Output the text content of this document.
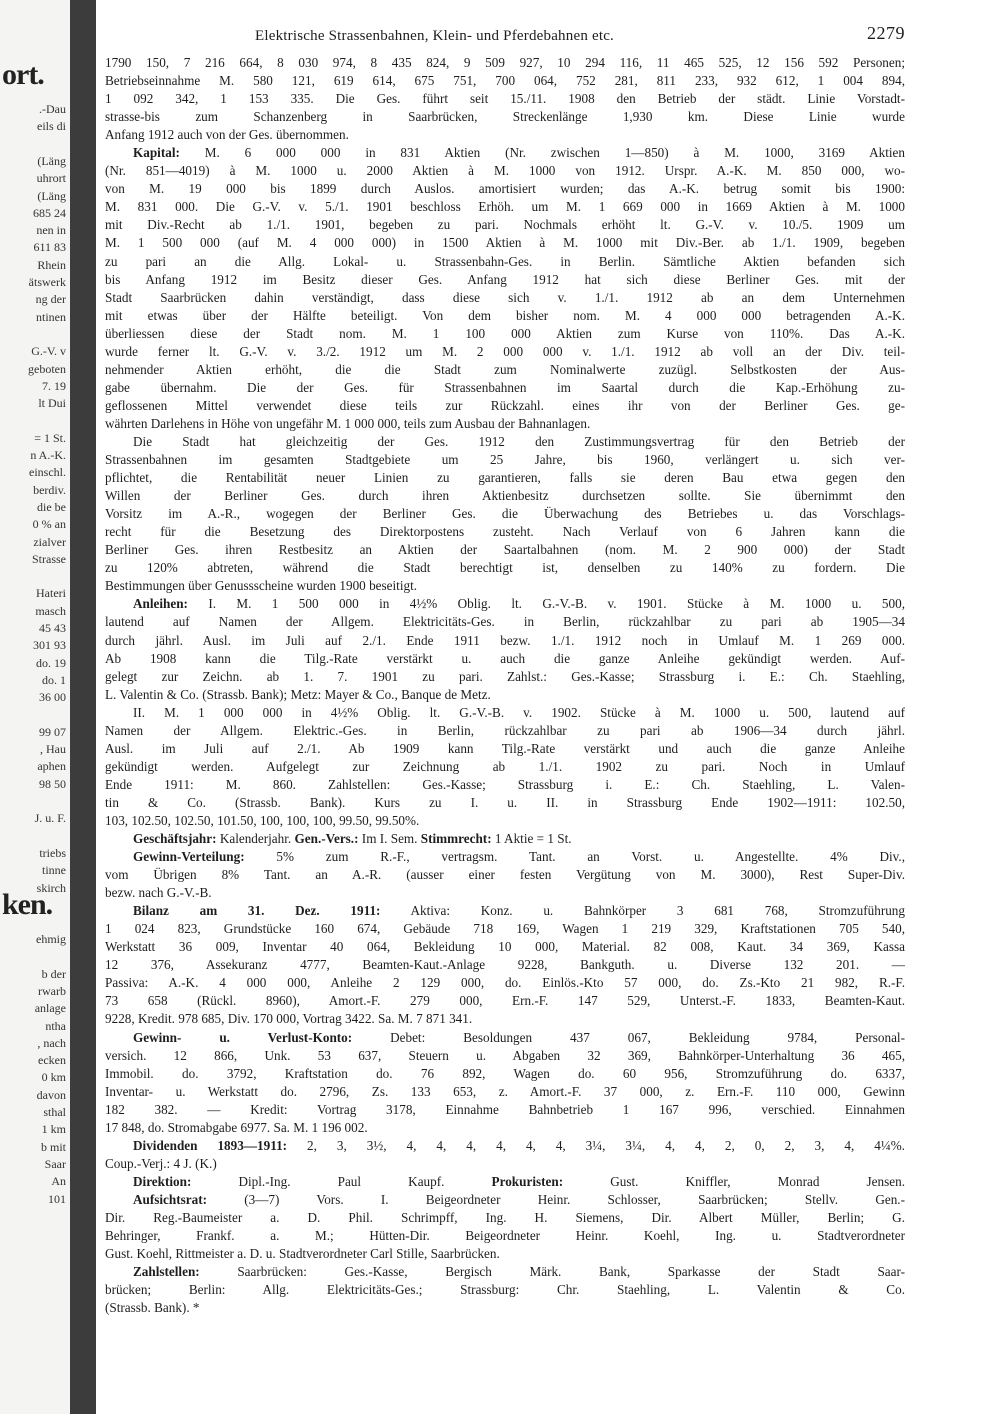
ort.
.-Dau
eils di
(Läng
uhrort
(Läng
685 24
nen in
611 83
Rhein
ätswerk
ng der
ntinen
G.-V. v
geboten
7. 19
lt Dui
= 1 St.
n A.-K.
einschl.
berdiv.
die be
0 % an
zialver
Strasse
Hateri
masch
45 43
301 93
do. 19
do. 1
36 00
99 07
, Hau
aphen
98 50
J. u. F.
triebs
tinne
skirch
ken.
ehmig
b der
rwarb
anlage
ntha
, nach
ecken
0 km
davon
sthal
1 km
b mit
Saar
An
101
Elektrische Strassenbahnen, Klein- und Pferdebahnen etc.	2279
1790 150, 7 216 664, 8 030 974, 8 435 824, 9 509 927, 10 294 116, 11 465 525, 12 156 592 Personen;
Betriebseinnahme M. 580 121, 619 614, 675 751, 700 064, 752 281, 811 233, 932 612, 1 004 894,
1 092 342, 1 153 335. Die Ges. führt seit 15./11. 1908 den Betrieb der städt. Linie Vorstadt-
strasse-bis zum Schanzenberg in Saarbrücken, Streckenlänge 1,930 km. Diese Linie wurde
Anfang 1912 auch von der Ges. übernommen.
Kapital: M. 6 000 000 in 831 Aktien (Nr. zwischen 1—850) à M. 1000, 3169 Aktien
(Nr. 851—4019) à M. 1000 u. 2000 Aktien à M. 1000 von 1912. Urspr. A.-K. M. 850 000, wo-
von M. 19 000 bis 1899 durch Auslos. amortisiert wurden; das A.-K. betrug somit bis 1900:
M. 831 000. Die G.-V. v. 5./1. 1901 beschloss Erhöh. um M. 1 669 000 in 1669 Aktien à M. 1000
mit Div.-Recht ab 1./1. 1901, begeben zu pari. Nochmals erhöht lt. G.-V. v. 10./5. 1909 um
M. 1 500 000 (auf M. 4 000 000) in 1500 Aktien à M. 1000 mit Div.-Ber. ab 1./1. 1909, begeben
zu pari an die Allg. Lokal- u. Strassenbahn-Ges. in Berlin. Sämtliche Aktien befanden sich
bis Anfang 1912 im Besitz dieser Ges. Anfang 1912 hat sich diese Berliner Ges. mit der
Stadt Saarbrücken dahin verständigt, dass diese sich v. 1./1. 1912 ab an dem Unternehmen
mit etwas über der Hälfte beteiligt. Von dem bisher nom. M. 4 000 000 betragenden A.-K.
überliessen diese der Stadt nom. M. 1 100 000 Aktien zum Kurse von 110%. Das A.-K.
wurde ferner lt. G.-V. v. 3./2. 1912 um M. 2 000 000 v. 1./1. 1912 ab voll an der Div. teil-
nehmender Aktien erhöht, die die Stadt zum Nominalwerte zuzügl. Selbstkosten der Aus-
gabe übernahm. Die der Ges. für Strassenbahnen im Saartal durch die Kap.-Erhöhung zu-
geflossenen Mittel verwendet diese teils zur Rückzahl. eines ihr von der Berliner Ges. ge-
währten Darlehens in Höhe von ungefähr M. 1 000 000, teils zum Ausbau der Bahnanlagen.
Die Stadt hat gleichzeitig der Ges. 1912 den Zustimmungsvertrag für den Betrieb der
Strassenbahnen im gesamten Stadtgebiete um 25 Jahre, bis 1960, verlängert u. sich ver-
pflichtet, die Rentabilität neuer Linien zu garantieren, falls sie deren Bau etwa gegen den
Willen der Berliner Ges. durch ihren Aktienbesitz durchsetzen sollte. Sie übernimmt den
Vorsitz im A.-R., wogegen der Berliner Ges. die Überwachung des Betriebes u. das Vorschlags-
recht für die Besetzung des Direktorpostens zusteht. Nach Verlauf von 6 Jahren kann die
Berliner Ges. ihren Restbesitz an Aktien der Saartalbahnen (nom. M. 2 900 000) der Stadt
zu 120% abtreten, während die Stadt berechtigt ist, denselben zu 140% zu fordern. Die
Bestimmungen über Genussscheine wurden 1900 beseitigt.
Anleihen: I. M. 1 500 000 in 4½% Oblig. lt. G.-V.-B. v. 1901. Stücke à M. 1000 u. 500,
lautend auf Namen der Allgem. Elektricitäts-Ges. in Berlin, rückzahlbar zu pari ab 1905—34
durch jährl. Ausl. im Juli auf 2./1. Ende 1911 bezw. 1./1. 1912 noch in Umlauf M. 1 269 000.
Ab 1908 kann die Tilg.-Rate verstärkt u. auch die ganze Anleihe gekündigt werden. Auf-
gelegt zur Zeichn. ab 1. 7. 1901 zu pari. Zahlst.: Ges.-Kasse; Strassburg i. E.: Ch. Staehling,
L. Valentin & Co. (Strassb. Bank); Metz: Mayer & Co., Banque de Metz.
II. M. 1 000 000 in 4½% Oblig. lt. G.-V.-B. v. 1902. Stücke à M. 1000 u. 500, lautend auf
Namen der Allgem. Elektric.-Ges. in Berlin, rückzahlbar zu pari ab 1906—34 durch jährl.
Ausl. im Juli auf 2./1. Ab 1909 kann Tilg.-Rate verstärkt und auch die ganze Anleihe
gekündigt werden. Aufgelegt zur Zeichnung ab 1./1. 1902 zu pari. Noch in Umlauf
Ende 1911: M. 860. Zahlstellen: Ges.-Kasse; Strassburg i. E.: Ch. Staehling, L. Valen-
tin & Co. (Strassb. Bank). Kurs zu I. u. II. in Strassburg Ende 1902—1911: 102.50,
103, 102.50, 102.50, 101.50, 100, 100, 100, 99.50, 99.50%.
Geschäftsjahr: Kalenderjahr. Gen.-Vers.: Im I. Sem. Stimmrecht: 1 Aktie = 1 St.
Gewinn-Verteilung: 5% zum R.-F., vertragsm. Tant. an Vorst. u. Angestellte. 4% Div.,
vom Übrigen 8% Tant. an A.-R. (ausser einer festen Vergütung von M. 3000), Rest Super-Div.
bezw. nach G.-V.-B.
Bilanz am 31. Dez. 1911: Aktiva: Konz. u. Bahnkörper 3 681 768, Stromzuführung
1 024 823, Grundstücke 160 674, Gebäude 718 169, Wagen 1 219 329, Kraftstationen 705 540,
Werkstatt 36 009, Inventar 40 064, Bekleidung 10 000, Material. 82 008, Kaut. 34 369, Kassa
12 376, Assekuranz 4777, Beamten-Kaut.-Anlage 9228, Bankguth. u. Diverse 132 201. —
Passiva: A.-K. 4 000 000, Anleihe 2 129 000, do. Einlös.-Kto 57 000, do. Zs.-Kto 21 982, R.-F.
73 658 (Rückl. 8960), Amort.-F. 279 000, Ern.-F. 147 529, Unterst.-F. 1833, Beamten-Kaut.
9228, Kredit. 978 685, Div. 170 000, Vortrag 3422. Sa. M. 7 871 341.
Gewinn- u. Verlust-Konto: Debet: Besoldungen 437 067, Bekleidung 9784, Personal-
versich. 12 866, Unk. 53 637, Steuern u. Abgaben 32 369, Bahnkörper-Unterhaltung 36 465,
Immobil. do. 3792, Kraftstation do. 76 892, Wagen do. 60 956, Stromzuführung do. 6337,
Inventar- u. Werkstatt do. 2796, Zs. 133 653, z. Amort.-F. 37 000, z. Ern.-F. 110 000, Gewinn
182 382. — Kredit: Vortrag 3178, Einnahme Bahnbetrieb 1 167 996, verschied. Einnahmen
17 848, do. Stromabgabe 6977. Sa. M. 1 196 002.
Dividenden 1893—1911: 2, 3, 3½, 4, 4, 4, 4, 4, 4, 3¼, 3¼, 4, 4, 2, 0, 2, 3, 4, 4¼%.
Coup.-Verj.: 4 J. (K.)
Direktion: Dipl.-Ing. Paul Kaupf. Prokuristen: Gust. Kniffler, Monrad Jensen.
Aufsichtsrat: (3—7) Vors. I. Beigeordneter Heinr. Schlosser, Saarbrücken; Stellv. Gen.-
Dir. Reg.-Baumeister a. D. Phil. Schrimpff, Ing. H. Siemens, Dir. Albert Müller, Berlin; G.
Behringer, Frankf. a. M.; Hütten-Dir. Beigeordneter Heinr. Koehl, Ing. u. Stadtverordneter
Gust. Koehl, Rittmeister a. D. u. Stadtverordneter Carl Stille, Saarbrücken.
Zahlstellen: Saarbrücken: Ges.-Kasse, Bergisch Märk. Bank, Sparkasse der Stadt Saar-
brücken; Berlin: Allg. Elektricitäts-Ges.; Strassburg: Chr. Staehling, L. Valentin & Co.
(Strassb. Bank). *
